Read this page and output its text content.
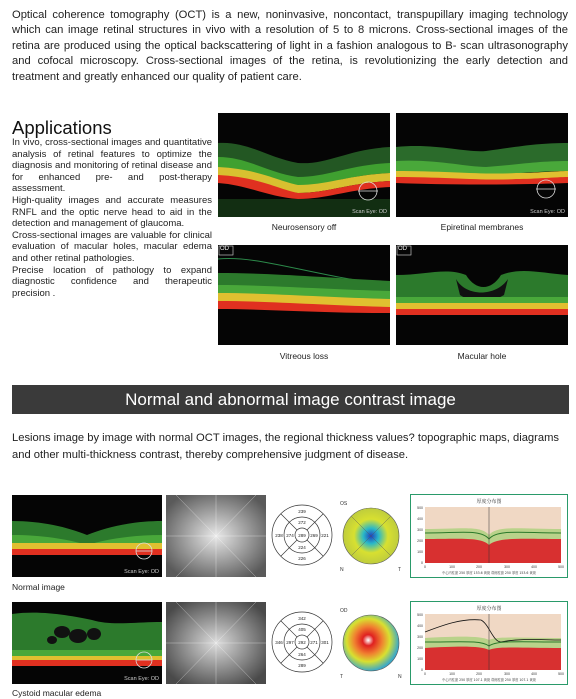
Optical coherence tomography (OCT) is a new, noninvasive, noncontact, transpupillary imaging technology which can image retinal structures in vivo with a resolution of 5 to 8 microns. Cross-sectional images of the retina are produced using the optical backscattering of light in a fashion analogous to B- scan ultrasonography and cofocal microscopy. Cross-sectional images of the retina, is revolutionizing the early detection and treatment and greatly enhanced our quality of patient care.

Applications

In vivo, cross-sectional images and quantitative analysis of retinal features to optimize the diagnosis and monitoring of retinal disease and for enhanced pre- and post-therapy assessment.

High-quality images and accurate measures RNFL and the optic nerve head to aid in the detection and management of glaucoma.

Cross-sectional images are valuable for clinical evaluation of macular holes, macular edema and other retinal pathologies.

Precise location of pathology to expand diagnostic confidence and therapeutic precision .

Scan Eye: OD
Neurosensory off
Scan Eye: OD
Epiretinal membranes
OD
Vitreous loss
OD
Macular hole
Normal and abnormal image contrast image

Lesions image by image with normal OCT images, the regional thickness values? topographic maps, diagrams and other multi-thickness contrast, thereby comprehensive judgment of disease.

Scan Eye: OD
Normal image
239
272
238 274 289 269 221
224
226
OS
N	T
厚度分布图
500
400
300
200
100
0
0	100	200	300	400	500
中心内柱窗 250 厚度 153.6 黄斑 鼻侧柱窗 250 厚度 153.6 黄斑
Scan Eye: OD
Cystoid macular edema
342
405
346 297 292 271 301
264
289
OD
N
T
厚度分布图
500
400
300
200
100
0
0	100	200	300	400	500
中心内柱窗 250 厚度 107.1 黄斑 鼻侧柱窗 250 厚度 107.1 黄斑
